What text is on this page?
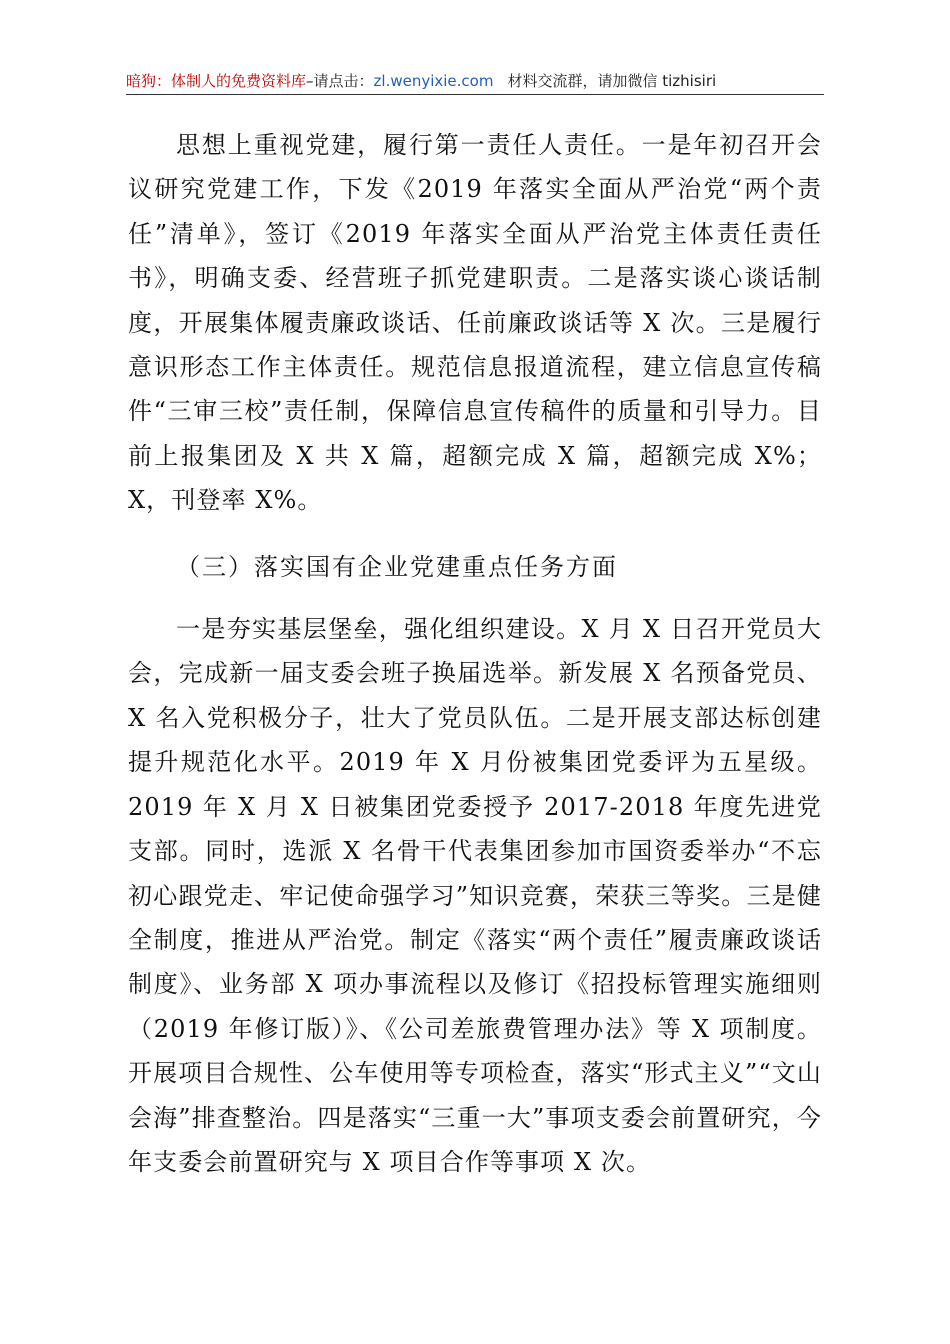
暗狗：体制人的免费资料库–请点击：zl.wenyixie.com 材料交流群，请加微信 tizhisiri

思想上重视党建，履行第一责任人责任。一是年初召开会议研究党建工作，下发《2019 年落实全面从严治党“两个责任”清单》，签订《2019 年落实全面从严治党主体责任责任书》，明确支委、经营班子抓党建职责。二是落实谈心谈话制度，开展集体履责廉政谈话、任前廉政谈话等 X 次。三是履行意识形态工作主体责任。规范信息报道流程，建立信息宣传稿件“三审三校”责任制，保障信息宣传稿件的质量和引导力。目前上报集团及 X 共 X 篇，超额完成 X 篇，超额完成 X%；X，刊登率 X%。

（三）落实国有企业党建重点任务方面

一是夯实基层堡垒，强化组织建设。X 月 X 日召开党员大会，完成新一届支委会班子换届选举。新发展 X 名预备党员、X 名入党积极分子，壮大了党员队伍。二是开展支部达标创建提升规范化水平。2019 年 X 月份被集团党委评为五星级。2019 年 X 月 X 日被集团党委授予 2017-2018 年度先进党支部。同时，选派 X 名骨干代表集团参加市国资委举办“不忘初心跟党走、牢记使命强学习”知识竞赛，荣获三等奖。三是健全制度，推进从严治党。制定《落实“两个责任”履责廉政谈话制度》、业务部 X 项办事流程以及修订《招投标管理实施细则（2019 年修订版）》、《公司差旅费管理办法》等 X 项制度。开展项目合规性、公车使用等专项检查，落实“形式主义”“文山会海”排查整治。四是落实“三重一大”事项支委会前置研究，今年支委会前置研究与 X 项目合作等事项 X 次。
